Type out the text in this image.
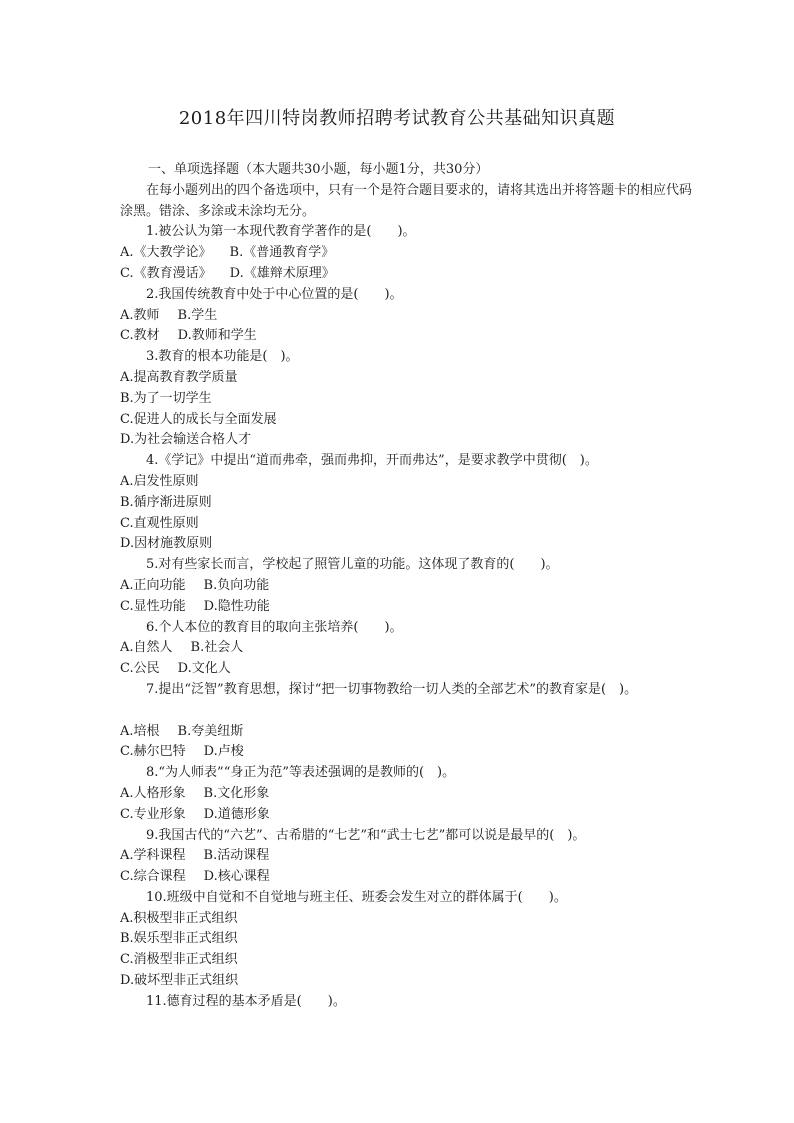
2018年四川特岗教师招聘考试教育公共基础知识真题
一、单项选择题（本大题共30小题，每小题1分，共30分）
在每小题列出的四个备选项中，只有一个是符合题目要求的，请将其选出并将答题卡的相应代码涂黑。错涂、多涂或未涂均无分。
1.被公认为第一本现代教育学著作的是(　　)。
A.《大教学论》 B.《普通教育学》
C.《教育漫话》 D.《雄辩术原理》
2.我国传统教育中处于中心位置的是(　　)。
A.教师 B.学生
C.教材 D.教师和学生
3.教育的根本功能是(　)。
A.提高教育教学质量
B.为了一切学生
C.促进人的成长与全面发展
D.为社会输送合格人才
4.《学记》中提出“道而弗牵，强而弗抑，开而弗达”，是要求教学中贯彻(　)。
A.启发性原则
B.循序渐进原则
C.直观性原则
D.因材施教原则
5.对有些家长而言，学校起了照管儿童的功能。这体现了教育的(　　)。
A.正向功能 B.负向功能
C.显性功能 D.隐性功能
6.个人本位的教育目的取向主张培养(　　)。
A.自然人 B.社会人
C.公民 D.文化人
7.提出“泛智”教育思想，探讨“把一切事物教给一切人类的全部艺术”的教育家是(　)。
A.培根 B.夸美纽斯
C.赫尔巴特 D.卢梭
8.“为人师表”“身正为范”等表述强调的是教师的(　)。
A.人格形象 B.文化形象
C.专业形象 D.道德形象
9.我国古代的“六艺”、古希腊的“七艺”和“武士七艺”都可以说是最早的(　)。
A.学科课程 B.活动课程
C.综合课程 D.核心课程
10.班级中自觉和不自觉地与班主任、班委会发生对立的群体属于(　　)。
A.积极型非正式组织
B.娱乐型非正式组织
C.消极型非正式组织
D.破坏型非正式组织
11.德育过程的基本矛盾是(　　)。
